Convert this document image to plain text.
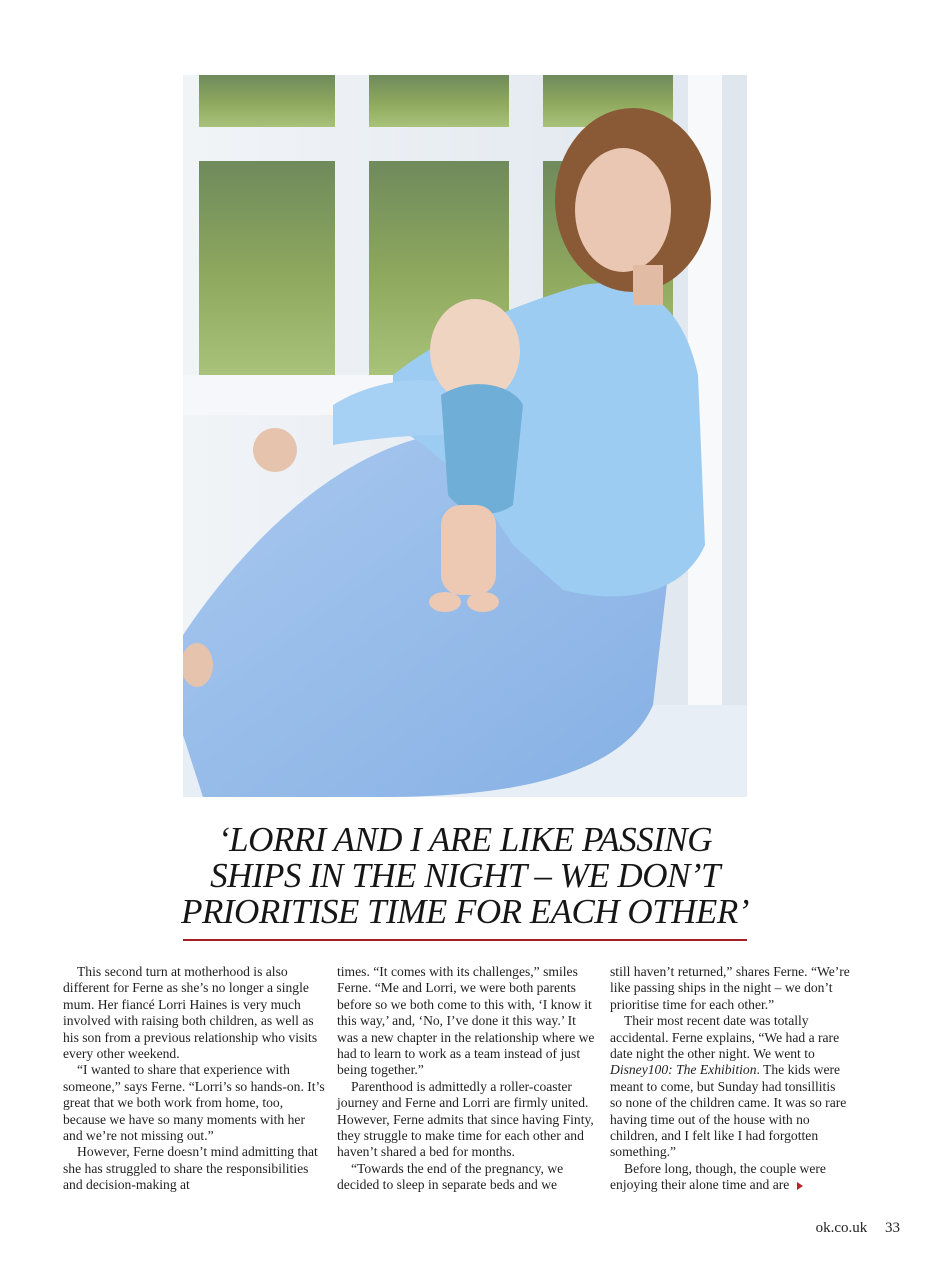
‘LORRI AND I ARE LIKE PASSING
SHIPS IN THE NIGHT – WE DON’T
PRIORITISE TIME FOR EACH OTHER’

This second turn at motherhood is also different for Ferne as she’s no longer a single mum. Her fiancé Lorri Haines is very much involved with raising both children, as well as his son from a previous relationship who visits every other weekend.

“I wanted to share that experience with someone,” says Ferne. “Lorri’s so hands-on. It’s great that we both work from home, too, because we have so many moments with her and we’re not missing out.”

However, Ferne doesn’t mind admitting that she has struggled to share the responsibilities and decision-making at

times. “It comes with its challenges,” smiles Ferne. “Me and Lorri, we were both parents before so we both come to this with, ‘I know it this way,’ and, ‘No, I’ve done it this way.’ It was a new chapter in the relationship where we had to learn to work as a team instead of just being together.”

Parenthood is admittedly a roller-coaster journey and Ferne and Lorri are firmly united. However, Ferne admits that since having Finty, they struggle to make time for each other and haven’t shared a bed for months.

“Towards the end of the pregnancy, we decided to sleep in separate beds and we

still haven’t returned,” shares Ferne. “We’re like passing ships in the night – we don’t prioritise time for each other.”

Their most recent date was totally accidental. Ferne explains, “We had a rare date night the other night. We went to Disney100: The Exhibition. The kids were meant to come, but Sunday had tonsillitis so none of the children came. It was so rare having time out of the house with no children, and I felt like I had forgotten something.”

Before long, though, the couple were enjoying their alone time and are

ok.co.uk 33
